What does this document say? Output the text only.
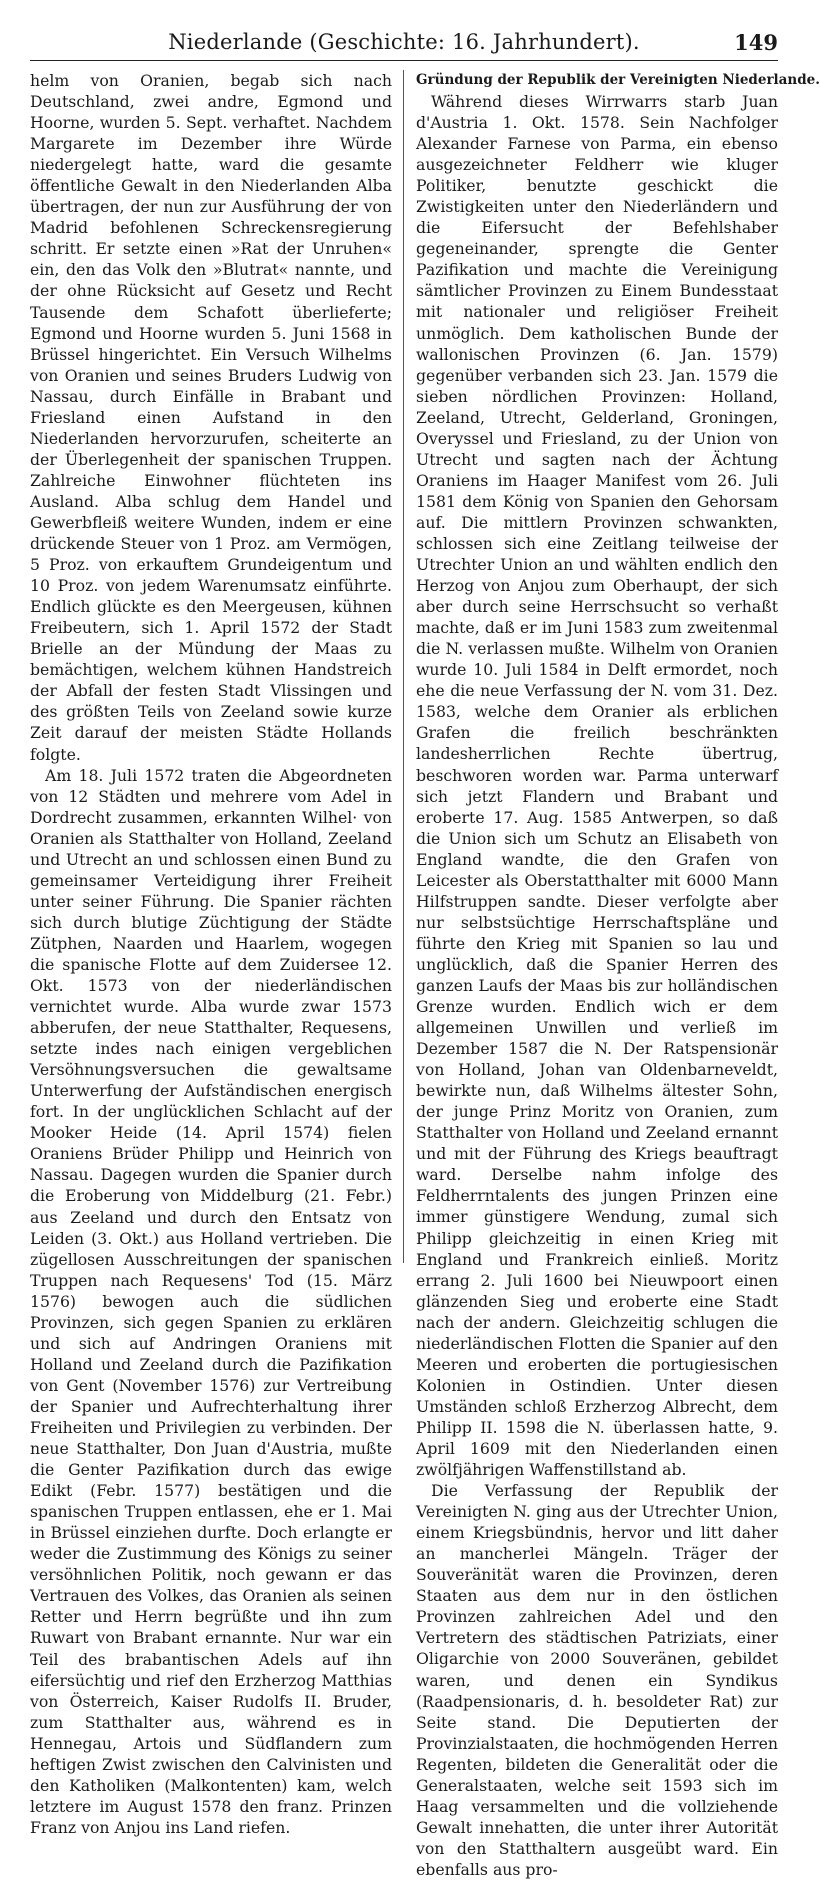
Niederlande (Geschichte: 16. Jahrhundert).	149

helm von Oranien, begab sich nach Deutschland, zwei andre, Egmond und Hoorne, wurden 5. Sept. verhaftet. Nachdem Margarete im Dezember ihre Würde niedergelegt hatte, ward die gesamte öffentliche Gewalt in den Niederlanden Alba übertragen, der nun zur Ausführung der von Madrid befohlenen Schreckensregierung schritt. Er setzte einen »Rat der Unruhen« ein, den das Volk den »Blutrat« nannte, und der ohne Rücksicht auf Gesetz und Recht Tausende dem Schafott überlieferte; Egmond und Hoorne wurden 5. Juni 1568 in Brüssel hingerichtet. Ein Versuch Wilhelms von Oranien und seines Bruders Ludwig von Nassau, durch Einfälle in Brabant und Friesland einen Aufstand in den Niederlanden hervorzurufen, scheiterte an der Überlegenheit der spanischen Truppen. Zahlreiche Einwohner flüchteten ins Ausland. Alba schlug dem Handel und Gewerbfleiß weitere Wunden, indem er eine drückende Steuer von 1 Proz. am Vermögen, 5 Proz. von erkauftem Grundeigentum und 10 Proz. von jedem Warenumsatz einführte. Endlich glückte es den Meergeusen, kühnen Freibeutern, sich 1. April 1572 der Stadt Brielle an der Mündung der Maas zu bemächtigen, welchem kühnen Handstreich der Abfall der festen Stadt Vlissingen und des größten Teils von Zeeland sowie kurze Zeit darauf der meisten Städte Hollands folgte.

Am 18. Juli 1572 traten die Abgeordneten von 12 Städten und mehrere vom Adel in Dordrecht zusammen, erkannten Wilhel· von Oranien als Statthalter von Holland, Zeeland und Utrecht an und schlossen einen Bund zu gemeinsamer Verteidigung ihrer Freiheit unter seiner Führung. Die Spanier rächten sich durch blutige Züchtigung der Städte Zütphen, Naarden und Haarlem, wogegen die spanische Flotte auf dem Zuidersee 12. Okt. 1573 von der niederländischen vernichtet wurde. Alba wurde zwar 1573 abberufen, der neue Statthalter, Requesens, setzte indes nach einigen vergeblichen Versöhnungsversuchen die gewaltsame Unterwerfung der Aufständischen energisch fort. In der unglücklichen Schlacht auf der Mooker Heide (14. April 1574) fielen Oraniens Brüder Philipp und Heinrich von Nassau. Dagegen wurden die Spanier durch die Eroberung von Middelburg (21. Febr.) aus Zeeland und durch den Entsatz von Leiden (3. Okt.) aus Holland vertrieben. Die zügellosen Ausschreitungen der spanischen Truppen nach Requesens' Tod (15. März 1576) bewogen auch die südlichen Provinzen, sich gegen Spanien zu erklären und sich auf Andringen Oraniens mit Holland und Zeeland durch die Pazifikation von Gent (November 1576) zur Vertreibung der Spanier und Aufrechterhaltung ihrer Freiheiten und Privilegien zu verbinden. Der neue Statthalter, Don Juan d'Austria, mußte die Genter Pazifikation durch das ewige Edikt (Febr. 1577) bestätigen und die spanischen Truppen entlassen, ehe er 1. Mai in Brüssel einziehen durfte. Doch erlangte er weder die Zustimmung des Königs zu seiner versöhnlichen Politik, noch gewann er das Vertrauen des Volkes, das Oranien als seinen Retter und Herrn begrüßte und ihn zum Ruwart von Brabant ernannte. Nur war ein Teil des brabantischen Adels auf ihn eifersüchtig und rief den Erzherzog Matthias von Österreich, Kaiser Rudolfs II. Bruder, zum Statthalter aus, während es in Hennegau, Artois und Südflandern zum heftigen Zwist zwischen den Calvinisten und den Katholiken (Malkontenten) kam, welch letztere im August 1578 den franz. Prinzen Franz von Anjou ins Land riefen.

Gründung der Republik der Vereinigten Niederlande.

Während dieses Wirrwarrs starb Juan d'Austria 1. Okt. 1578. Sein Nachfolger Alexander Farnese von Parma, ein ebenso ausgezeichneter Feldherr wie kluger Politiker, benutzte geschickt die Zwistigkeiten unter den Niederländern und die Eifersucht der Befehlshaber gegeneinander, sprengte die Genter Pazifikation und machte die Vereinigung sämtlicher Provinzen zu Einem Bundesstaat mit nationaler und religiöser Freiheit unmöglich. Dem katholischen Bunde der wallonischen Provinzen (6. Jan. 1579) gegenüber verbanden sich 23. Jan. 1579 die sieben nördlichen Provinzen: Holland, Zeeland, Utrecht, Gelderland, Groningen, Overyssel und Friesland, zu der Union von Utrecht und sagten nach der Ächtung Oraniens im Haager Manifest vom 26. Juli 1581 dem König von Spanien den Gehorsam auf. Die mittlern Provinzen schwankten, schlossen sich eine Zeitlang teilweise der Utrechter Union an und wählten endlich den Herzog von Anjou zum Oberhaupt, der sich aber durch seine Herrschsucht so verhaßt machte, daß er im Juni 1583 zum zweitenmal die N. verlassen mußte. Wilhelm von Oranien wurde 10. Juli 1584 in Delft ermordet, noch ehe die neue Verfassung der N. vom 31. Dez. 1583, welche dem Oranier als erblichen Grafen die freilich beschränkten landesherrlichen Rechte übertrug, beschworen worden war. Parma unterwarf sich jetzt Flandern und Brabant und eroberte 17. Aug. 1585 Antwerpen, so daß die Union sich um Schutz an Elisabeth von England wandte, die den Grafen von Leicester als Oberstatthalter mit 6000 Mann Hilfstruppen sandte. Dieser verfolgte aber nur selbstsüchtige Herrschaftspläne und führte den Krieg mit Spanien so lau und unglücklich, daß die Spanier Herren des ganzen Laufs der Maas bis zur holländischen Grenze wurden. Endlich wich er dem allgemeinen Unwillen und verließ im Dezember 1587 die N. Der Ratspensionär von Holland, Johan van Oldenbarneveldt, bewirkte nun, daß Wilhelms ältester Sohn, der junge Prinz Moritz von Oranien, zum Statthalter von Holland und Zeeland ernannt und mit der Führung des Kriegs beauftragt ward. Derselbe nahm infolge des Feldherrntalents des jungen Prinzen eine immer günstigere Wendung, zumal sich Philipp gleichzeitig in einen Krieg mit England und Frankreich einließ. Moritz errang 2. Juli 1600 bei Nieuwpoort einen glänzenden Sieg und eroberte eine Stadt nach der andern. Gleichzeitig schlugen die niederländischen Flotten die Spanier auf den Meeren und eroberten die portugiesischen Kolonien in Ostindien. Unter diesen Umständen schloß Erzherzog Albrecht, dem Philipp II. 1598 die N. überlassen hatte, 9. April 1609 mit den Niederlanden einen zwölfjährigen Waffenstillstand ab.

Die Verfassung der Republik der Vereinigten N. ging aus der Utrechter Union, einem Kriegsbündnis, hervor und litt daher an mancherlei Mängeln. Träger der Souveränität waren die Provinzen, deren Staaten aus dem nur in den östlichen Provinzen zahlreichen Adel und den Vertretern des städtischen Patriziats, einer Oligarchie von 2000 Souveränen, gebildet waren, und denen ein Syndikus (Raadpensionaris, d. h. besoldeter Rat) zur Seite stand. Die Deputierten der Provinzialstaaten, die hochmögenden Herren Regenten, bildeten die Generalität oder die Generalstaaten, welche seit 1593 sich im Haag versammelten und die vollziehende Gewalt innehatten, die unter ihrer Autorität von den Statthaltern ausgeübt ward. Ein ebenfalls aus pro-
